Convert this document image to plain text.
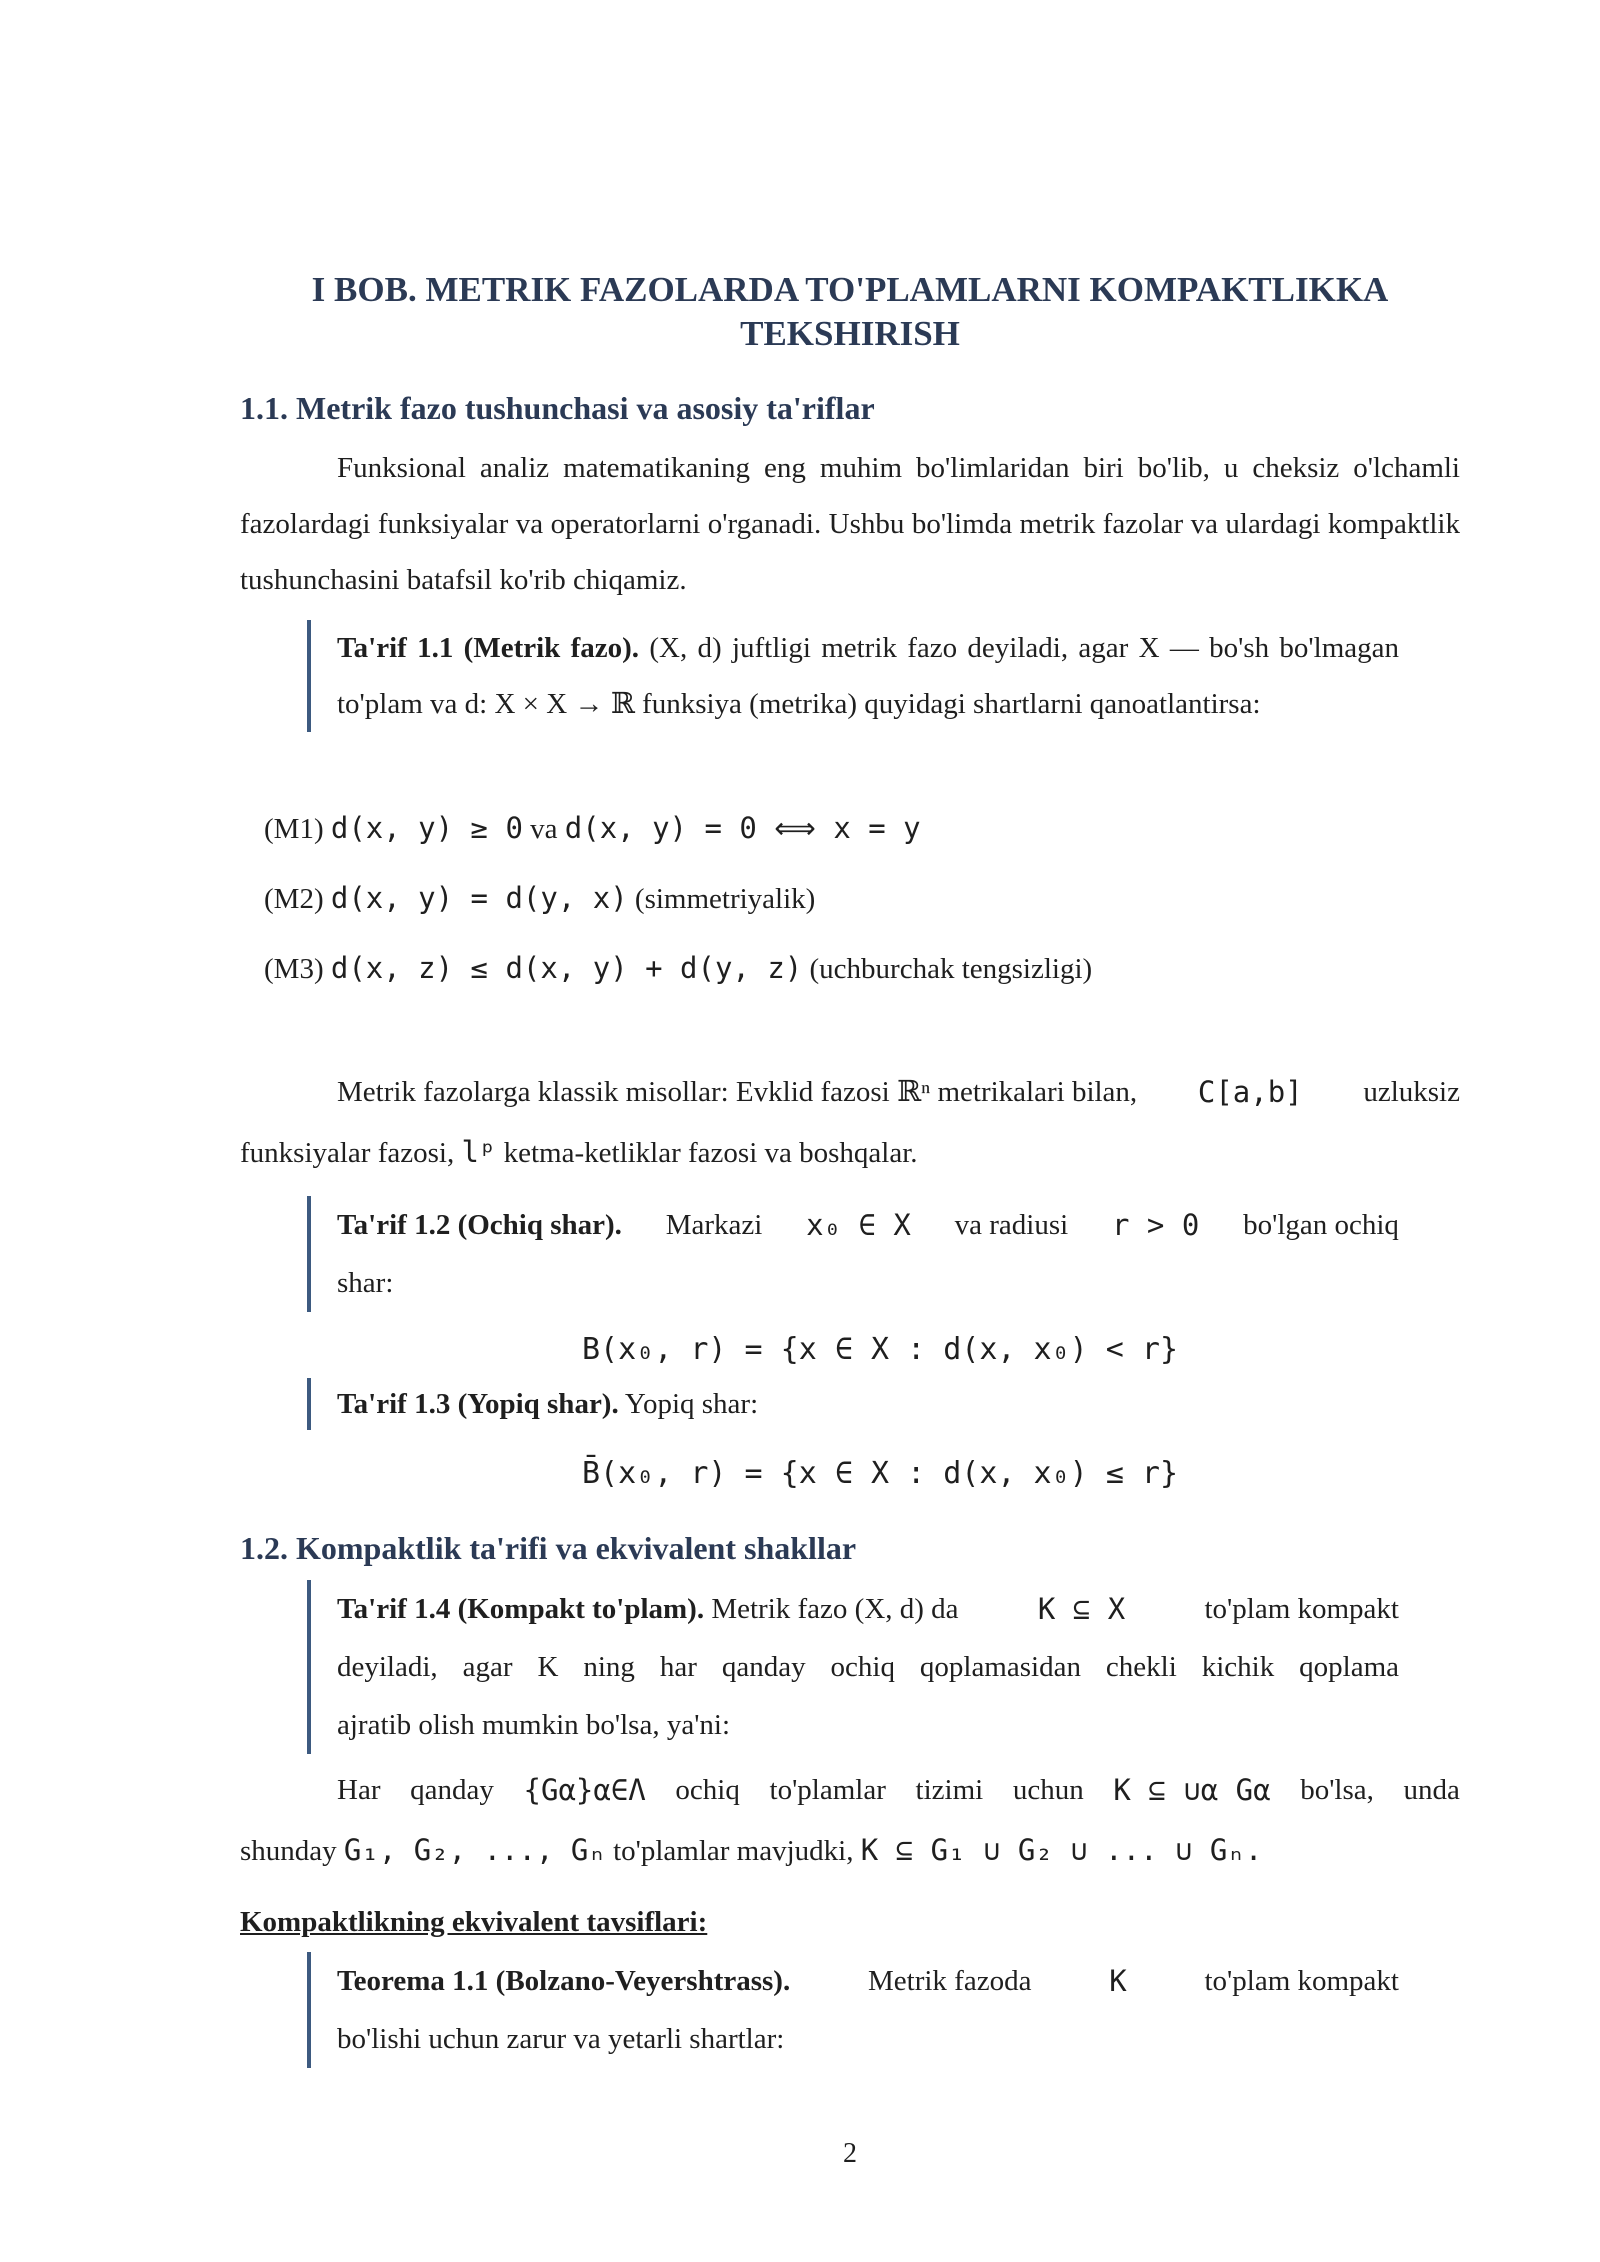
I BOB. METRIK FAZOLARDA TO'PLAMLARNI KOMPAKTLIKKA
TEKSHIRISH
1.1. Metrik fazo tushunchasi va asosiy ta'riflar
Funksional analiz matematikaning eng muhim bo'limlaridan biri bo'lib, u cheksiz o'lchamli fazolardagi funksiyalar va operatorlarni o'rganadi. Ushbu bo'limda metrik fazolar va ulardagi kompaktlik tushunchasini batafsil ko'rib chiqamiz.
Ta'rif 1.1 (Metrik fazo). (X, d) juftligi metrik fazo deyiladi, agar X — bo'sh bo'lmagan to'plam va d: X × X → ℝ funksiya (metrika) quyidagi shartlarni qanoatlantirsa:
(M1) d(x, y) ≥ 0 va d(x, y) = 0 ⟺ x = y
(M2) d(x, y) = d(y, x) (simmetriyalik)
(M3) d(x, z) ≤ d(x, y) + d(y, z) (uchburchak tengsizligi)
Metrik fazolarga klassik misollar: Evklid fazosi ℝⁿ metrikalari bilan, C[a,b] uzluksiz
funksiyalar fazosi, lᵖ ketma-ketliklar fazosi va boshqalar.
Ta'rif 1.2 (Ochiq shar). Markazi x₀ ∈ X va radiusi r > 0 bo'lgan ochiq
shar:
B(x₀, r) = {x ∈ X : d(x, x₀) < r}
Ta'rif 1.3 (Yopiq shar). Yopiq shar:
B̄(x₀, r) = {x ∈ X : d(x, x₀) ≤ r}
1.2. Kompaktlik ta'rifi va ekvivalent shakllar
Ta'rif 1.4 (Kompakt to'plam). Metrik fazo (X, d) da	K ⊆ X	to'plam kompakt
deyiladi, agar K ning har qanday ochiq qoplamasidan chekli kichik qoplama
ajratib olish mumkin bo'lsa, ya'ni:
Har qanday {Gα}α∈Λ ochiq to'plamlar tizimi uchun K ⊆ ∪α Gα bo'lsa, unda
shunday G₁, G₂, ..., Gₙ to'plamlar mavjudki, K ⊆ G₁ ∪ G₂ ∪ ... ∪ Gₙ.
Kompaktlikning ekvivalent tavsiflari:
Teorema 1.1 (Bolzano-Veyershtrass).	Metrik fazoda	K	to'plam kompakt
bo'lishi uchun zarur va yetarli shartlar:
2
